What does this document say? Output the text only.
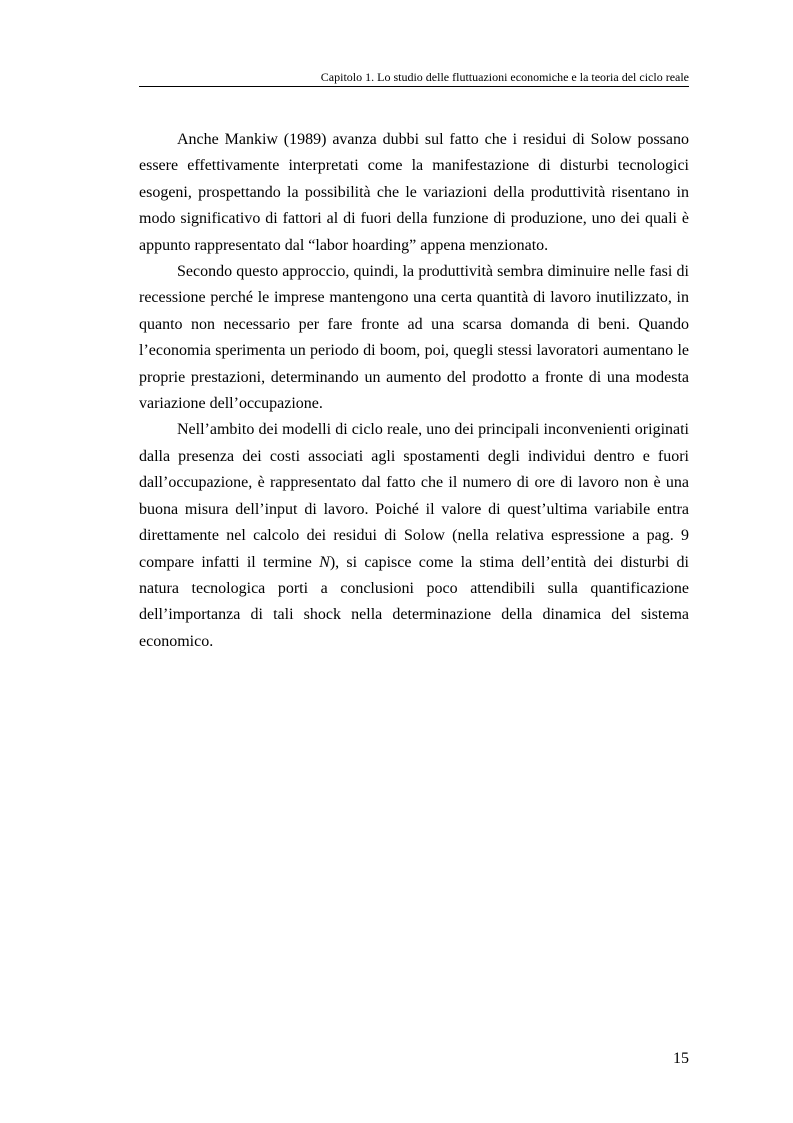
Capitolo 1. Lo studio delle fluttuazioni economiche e la teoria del ciclo reale

Anche Mankiw (1989) avanza dubbi sul fatto che i residui di Solow possano essere effettivamente interpretati come la manifestazione di disturbi tecnologici esogeni, prospettando la possibilità che le variazioni della produttività risentano in modo significativo di fattori al di fuori della funzione di produzione, uno dei quali è appunto rappresentato dal “labor hoarding” appena menzionato.

Secondo questo approccio, quindi, la produttività sembra diminuire nelle fasi di recessione perché le imprese mantengono una certa quantità di lavoro inutilizzato, in quanto non necessario per fare fronte ad una scarsa domanda di beni. Quando l’economia sperimenta un periodo di boom, poi, quegli stessi lavoratori aumentano le proprie prestazioni, determinando un aumento del prodotto a fronte di una modesta variazione dell’occupazione.

Nell’ambito dei modelli di ciclo reale, uno dei principali inconvenienti originati dalla presenza dei costi associati agli spostamenti degli individui dentro e fuori dall’occupazione, è rappresentato dal fatto che il numero di ore di lavoro non è una buona misura dell’input di lavoro. Poiché il valore di quest’ultima variabile entra direttamente nel calcolo dei residui di Solow (nella relativa espressione a pag. 9 compare infatti il termine N), si capisce come la stima dell’entità dei disturbi di natura tecnologica porti a conclusioni poco attendibili sulla quantificazione dell’importanza di tali shock nella determinazione della dinamica del sistema economico.

15
